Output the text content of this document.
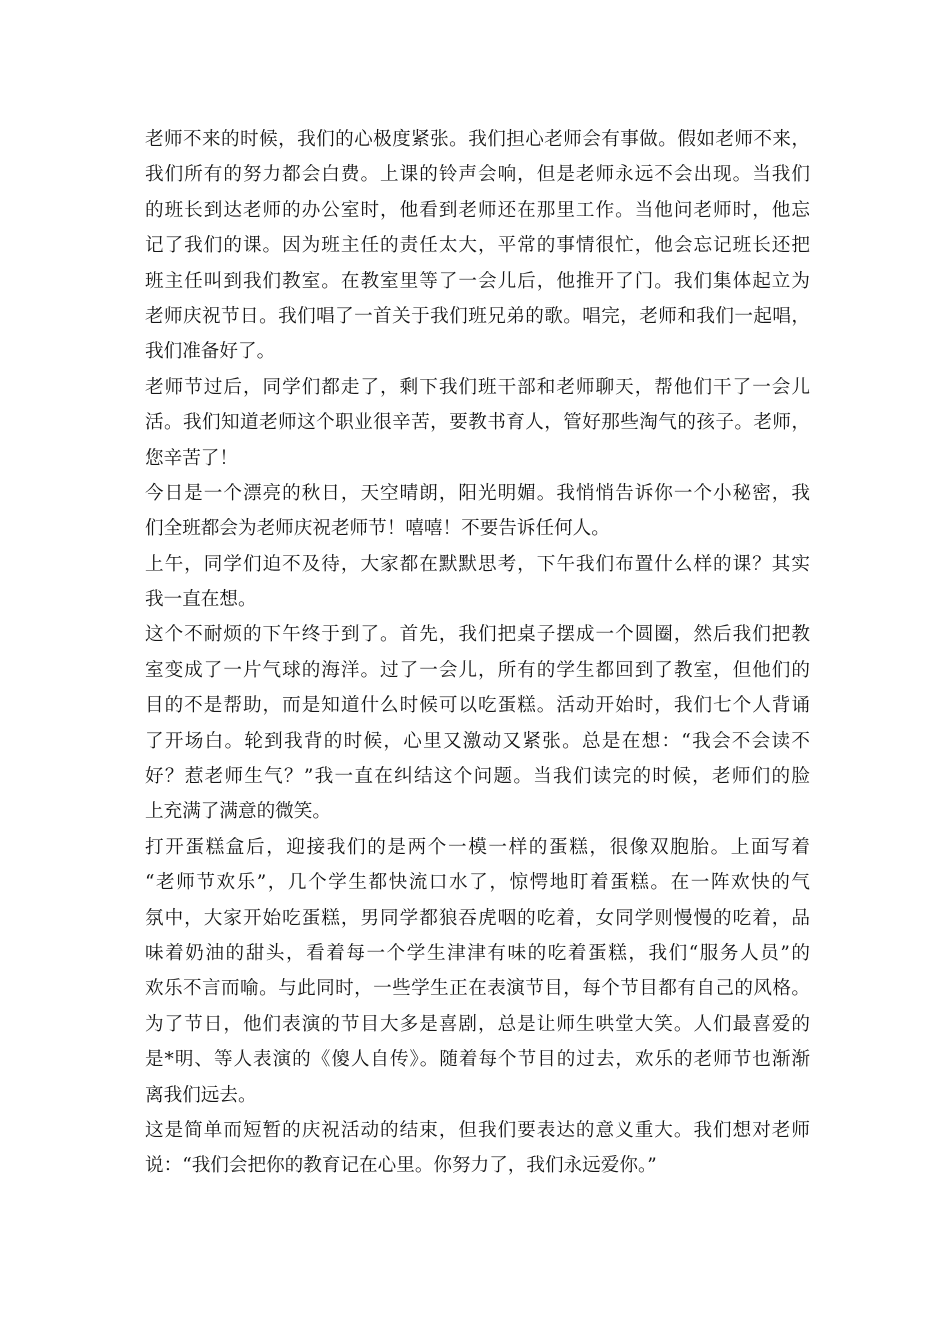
老师不来的时候，我们的心极度紧张。我们担心老师会有事做。假如老师不来，
我们所有的努力都会白费。上课的铃声会响，但是老师永远不会出现。当我们
的班长到达老师的办公室时，他看到老师还在那里工作。当他问老师时，他忘
记了我们的课。因为班主任的责任太大，平常的事情很忙，他会忘记班长还把
班主任叫到我们教室。在教室里等了一会儿后，他推开了门。我们集体起立为
老师庆祝节日。我们唱了一首关于我们班兄弟的歌。唱完，老师和我们一起唱，
我们准备好了。
老师节过后，同学们都走了，剩下我们班干部和老师聊天，帮他们干了一会儿
活。我们知道老师这个职业很辛苦，要教书育人，管好那些淘气的孩子。老师，
您辛苦了！
今日是一个漂亮的秋日，天空晴朗，阳光明媚。我悄悄告诉你一个小秘密，我
们全班都会为老师庆祝老师节！嘻嘻！不要告诉任何人。
上午，同学们迫不及待，大家都在默默思考，下午我们布置什么样的课？其实
我一直在想。
这个不耐烦的下午终于到了。首先，我们把桌子摆成一个圆圈，然后我们把教
室变成了一片气球的海洋。过了一会儿，所有的学生都回到了教室，但他们的
目的不是帮助，而是知道什么时候可以吃蛋糕。活动开始时，我们七个人背诵
了开场白。轮到我背的时候，心里又激动又紧张。总是在想：“我会不会读不
好？惹老师生气？”我一直在纠结这个问题。当我们读完的时候，老师们的脸
上充满了满意的微笑。
打开蛋糕盒后，迎接我们的是两个一模一样的蛋糕，很像双胞胎。上面写着
“老师节欢乐”，几个学生都快流口水了，惊愕地盯着蛋糕。在一阵欢快的气
氛中，大家开始吃蛋糕，男同学都狼吞虎咽的吃着，女同学则慢慢的吃着，品
味着奶油的甜头，看着每一个学生津津有味的吃着蛋糕，我们“服务人员”的
欢乐不言而喻。与此同时，一些学生正在表演节目，每个节目都有自己的风格。
为了节日，他们表演的节目大多是喜剧，总是让师生哄堂大笑。人们最喜爱的
是*明、等人表演的《傻人自传》。随着每个节目的过去，欢乐的老师节也渐渐
离我们远去。
这是简单而短暂的庆祝活动的结束，但我们要表达的意义重大。我们想对老师
说：“我们会把你的教育记在心里。你努力了，我们永远爱你。”
